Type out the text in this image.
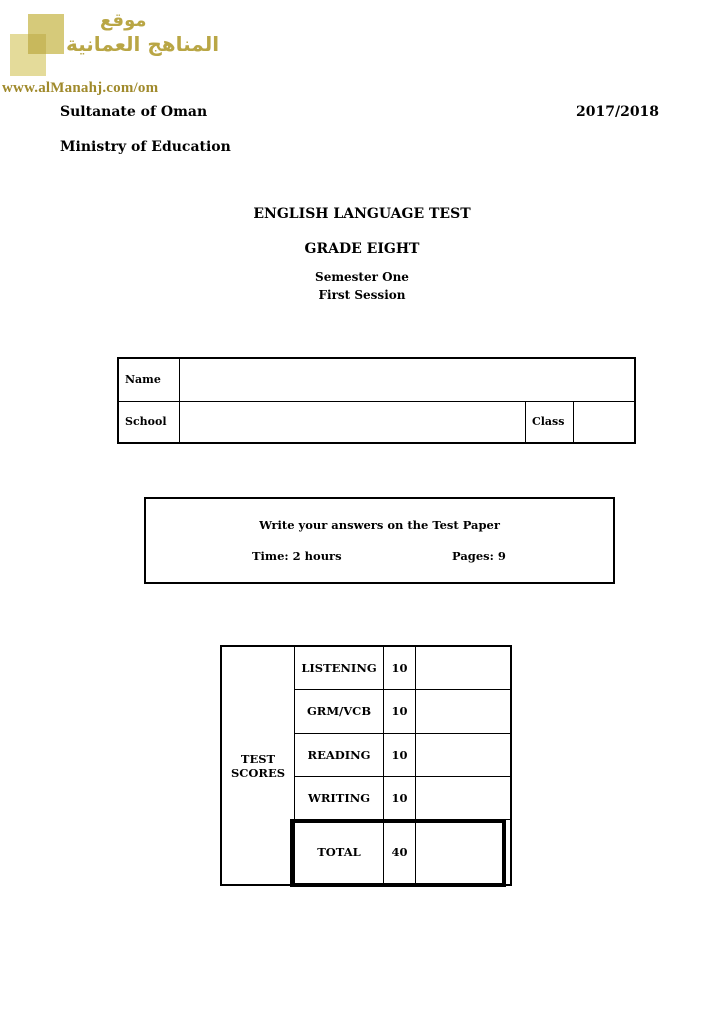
موقع
المناهج العمانية
www.alManahj.com/om
Sultanate of Oman	2017/2018
Ministry of Education
ENGLISH LANGUAGE TEST
GRADE EIGHT
Semester One
First Session
Name			
School		Class	
Write your answers on the Test Paper
Time: 2 hours	Pages: 9
TEST
SCORES	LISTENING	10	
	GRM/VCB	10	
	READING	10	
	WRITING	10	
	TOTAL	40	
